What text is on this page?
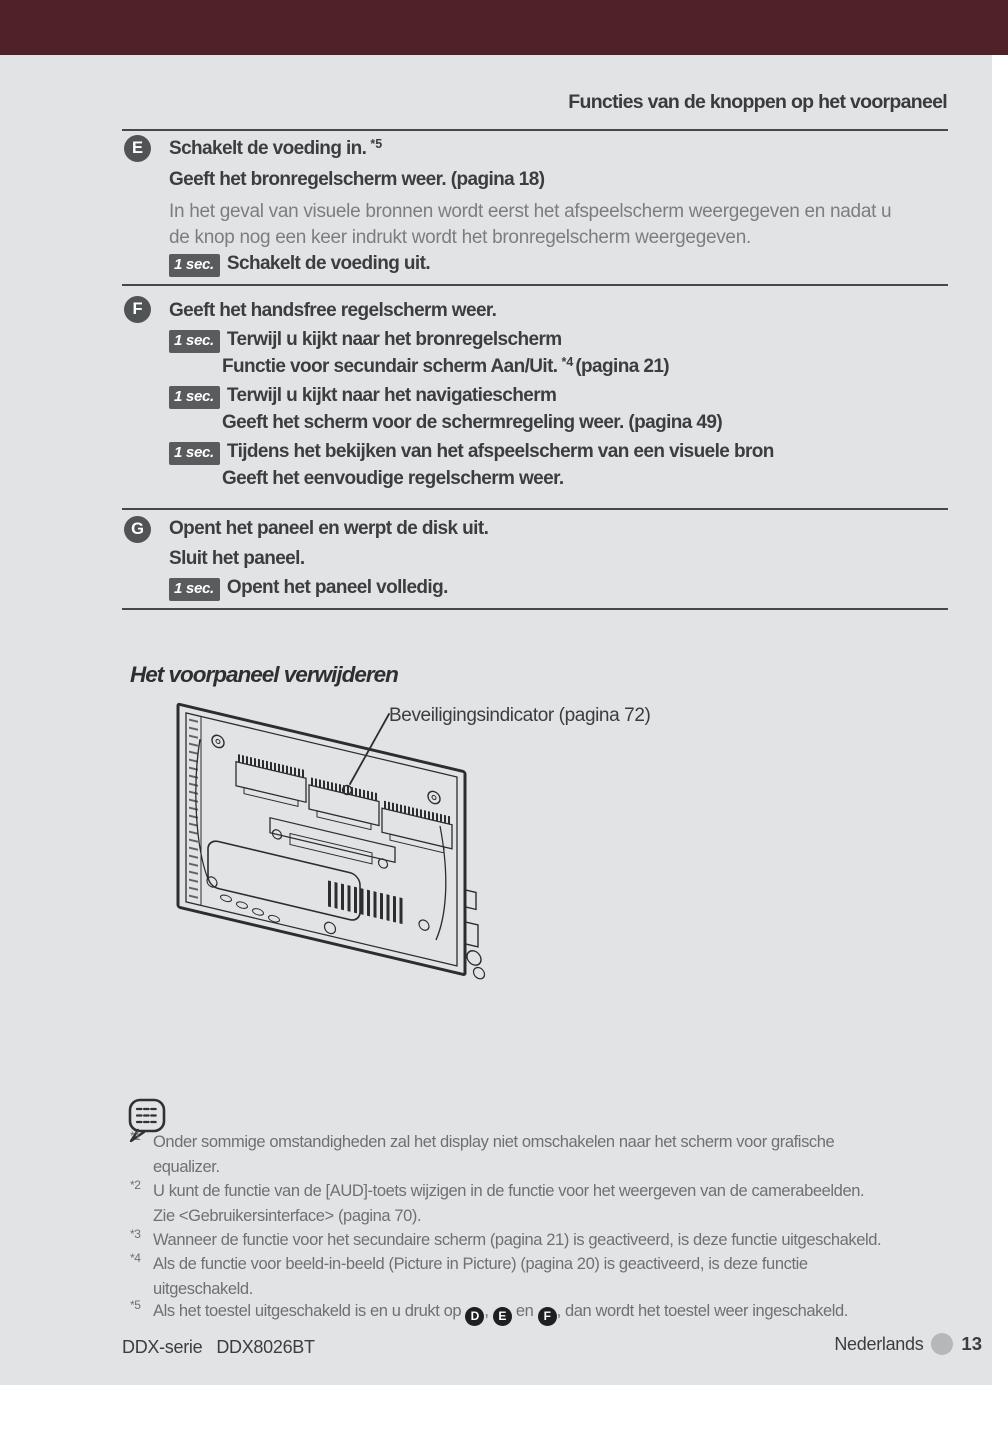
Functies van de knoppen op het voorpaneel
E Schakelt de voeding in. $^{*5}$
Geeft het bronregelscherm weer. (pagina 18)
In het geval van visuele bronnen wordt eerst het afspeelscherm weergegeven en nadat u
de knop nog een keer indrukt wordt het bronregelscherm weergegeven.
1 sec. Schakelt de voeding uit.
F Geeft het handsfree regelscherm weer.
1 sec. Terwijl u kijkt naar het bronregelscherm
Functie voor secundair scherm Aan/Uit. $^{*4}$ (pagina 21)
1 sec. Terwijl u kijkt naar het navigatiescherm
Geeft het scherm voor de schermregeling weer. (pagina 49)
1 sec. Tijdens het bekijken van het afspeelscherm van een visuele bron
Geeft het eenvoudige regelscherm weer.
G Opent het paneel en werpt de disk uit.
Sluit het paneel.
1 sec. Opent het paneel volledig.
Het voorpaneel verwijderen
Beveiligingsindicator (pagina 72)
*1 Onder sommige omstandigheden zal het display niet omschakelen naar het scherm voor grafische
equalizer.
*2 U kunt de functie van de [AUD]-toets wijzigen in de functie voor het weergeven van de camerabeelden.
Zie <Gebruikersinterface> (pagina 70).
*3 Wanneer de functie voor het secundaire scherm (pagina 21) is geactiveerd, is deze functie uitgeschakeld.
*4 Als de functie voor beeld-in-beeld (Picture in Picture) (pagina 20) is geactiveerd, is deze functie
uitgeschakeld.
*5 Als het toestel uitgeschakeld is en u drukt op D , E en F , dan wordt het toestel weer ingeschakeld.
DDX-serie DDX8026BT	Nederlands 13
